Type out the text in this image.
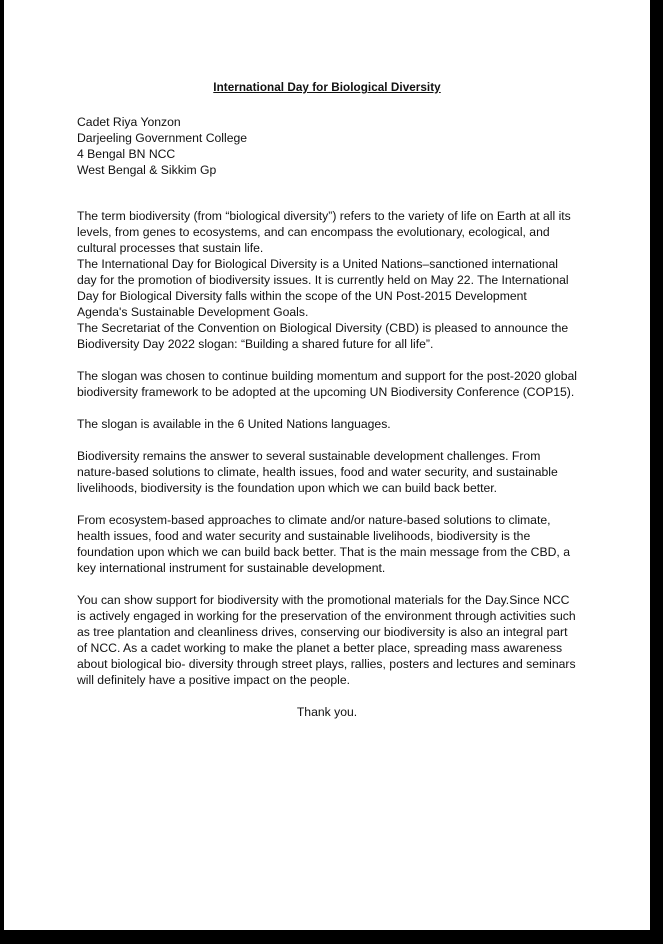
International Day for Biological Diversity
Cadet Riya Yonzon
Darjeeling Government College
4 Bengal BN NCC
West Bengal & Sikkim Gp

The term biodiversity (from “biological diversity”) refers to the variety of life on Earth at all its levels, from genes to ecosystems, and can encompass the evolutionary, ecological, and cultural processes that sustain life.

The International Day for Biological Diversity is a United Nations–sanctioned international day for the promotion of biodiversity issues. It is currently held on May 22. The International Day for Biological Diversity falls within the scope of the UN Post-2015 Development Agenda's Sustainable Development Goals.

The Secretariat of the Convention on Biological Diversity (CBD) is pleased to announce the Biodiversity Day 2022 slogan: “Building a shared future for all life”.

The slogan was chosen to continue building momentum and support for the post-2020 global biodiversity framework to be adopted at the upcoming UN Biodiversity Conference (COP15).

The slogan is available in the 6 United Nations languages.

Biodiversity remains the answer to several sustainable development challenges. From nature-based solutions to climate, health issues, food and water security, and sustainable livelihoods, biodiversity is the foundation upon which we can build back better.

From ecosystem-based approaches to climate and/or nature-based solutions to climate, health issues, food and water security and sustainable livelihoods, biodiversity is the foundation upon which we can build back better. That is the main message from the CBD, a key international instrument for sustainable development.

You can show support for biodiversity with the promotional materials for the Day.Since NCC is actively engaged in working for the preservation of the environment through activities such as tree plantation and cleanliness drives, conserving our biodiversity is also an integral part of NCC. As a cadet working to make the planet a better place, spreading mass awareness about biological bio- diversity through street plays, rallies, posters and lectures and seminars will definitely have a positive impact on the people.

Thank you.
